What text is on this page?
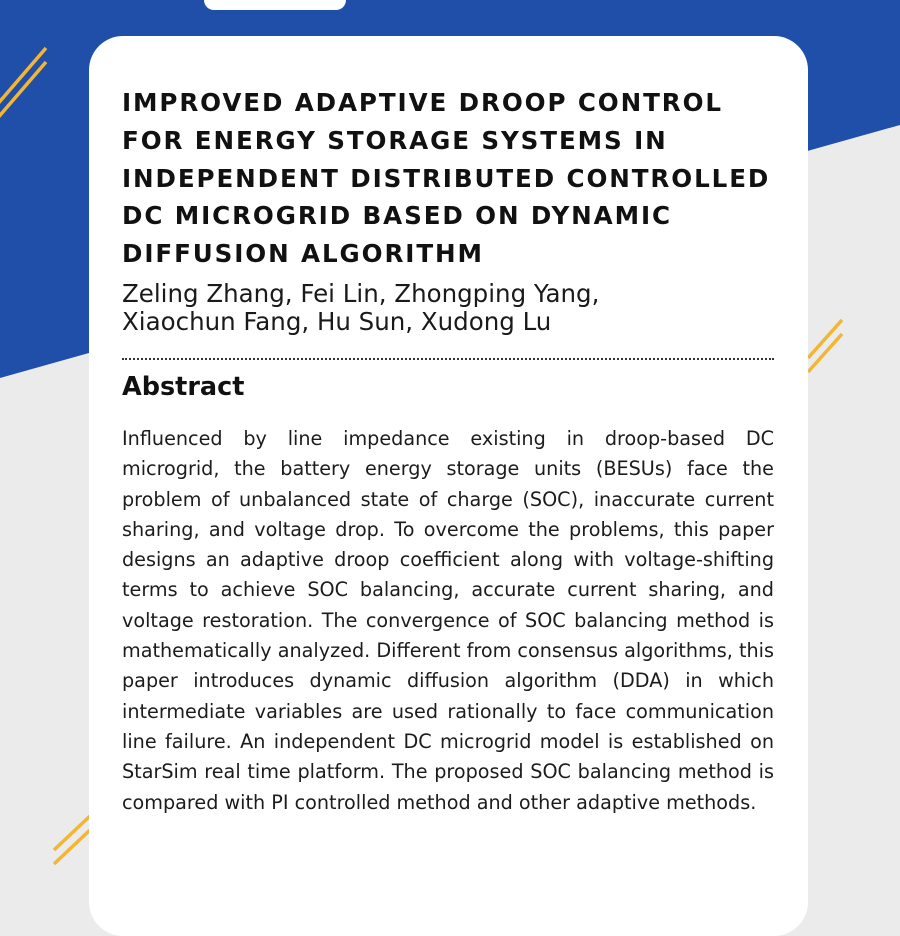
IMPROVED ADAPTIVE DROOP CONTROL FOR ENERGY STORAGE SYSTEMS IN INDEPENDENT DISTRIBUTED CONTROLLED DC MICROGRID BASED ON DYNAMIC DIFFUSION ALGORITHM
Zeling Zhang, Fei Lin, Zhongping Yang, Xiaochun Fang, Hu Sun, Xudong Lu
Abstract
Influenced by line impedance existing in droop-based DC microgrid, the battery energy storage units (BESUs) face the problem of unbalanced state of charge (SOC), inaccurate current sharing, and voltage drop. To overcome the problems, this paper designs an adaptive droop coefficient along with voltage-shifting terms to achieve SOC balancing, accurate current sharing, and voltage restoration. The convergence of SOC balancing method is mathematically analyzed. Different from consensus algorithms, this paper introduces dynamic diffusion algorithm (DDA) in which intermediate variables are used rationally to face communication line failure. An independent DC microgrid model is established on StarSim real time platform. The proposed SOC balancing method is compared with PI controlled method and other adaptive methods.
